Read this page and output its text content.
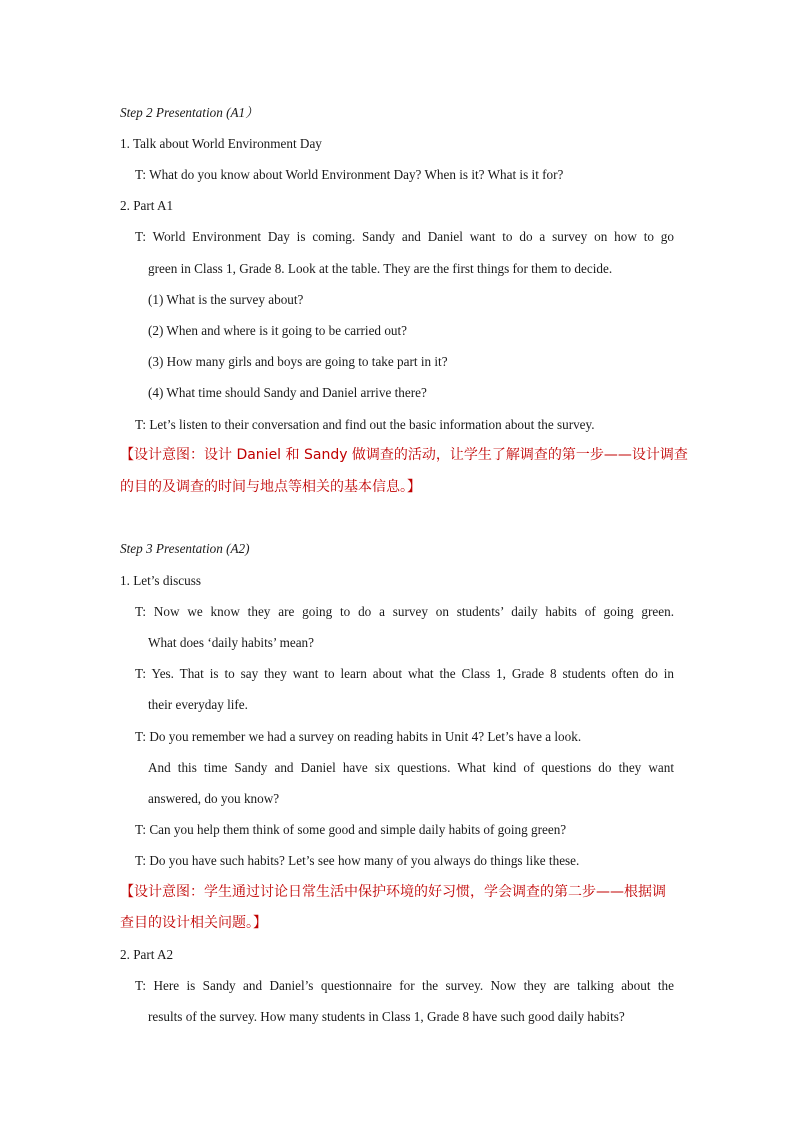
Step 2 Presentation (A1）
1. Talk about World Environment Day
T: What do you know about World Environment Day? When is it? What is it for?
2. Part A1
T: World Environment Day is coming. Sandy and Daniel want to do a survey on how to go
green in Class 1, Grade 8. Look at the table. They are the first things for them to decide.
(1) What is the survey about?
(2) When and where is it going to be carried out?
(3) How many girls and boys are going to take part in it?
(4) What time should Sandy and Daniel arrive there?
T: Let’s listen to their conversation and find out the basic information about the survey.
【设计意图：设计 Daniel 和 Sandy 做调查的活动，让学生了解调查的第一步——设计调查
的目的及调查的时间与地点等相关的基本信息。】
Step 3 Presentation (A2)
1. Let’s discuss
T: Now we know they are going to do a survey on students’ daily habits of going green.
What does ‘daily habits’ mean?
T: Yes. That is to say they want to learn about what the Class 1, Grade 8 students often do in
their everyday life.
T: Do you remember we had a survey on reading habits in Unit 4? Let’s have a look.
And this time Sandy and Daniel have six questions. What kind of questions do they want
answered, do you know?
T: Can you help them think of some good and simple daily habits of going green?
T: Do you have such habits? Let’s see how many of you always do things like these.
【设计意图：学生通过讨论日常生活中保护环境的好习惯，学会调查的第二步——根据调
查目的设计相关问题。】
2. Part A2
T: Here is Sandy and Daniel’s questionnaire for the survey. Now they are talking about the
results of the survey. How many students in Class 1, Grade 8 have such good daily habits?
